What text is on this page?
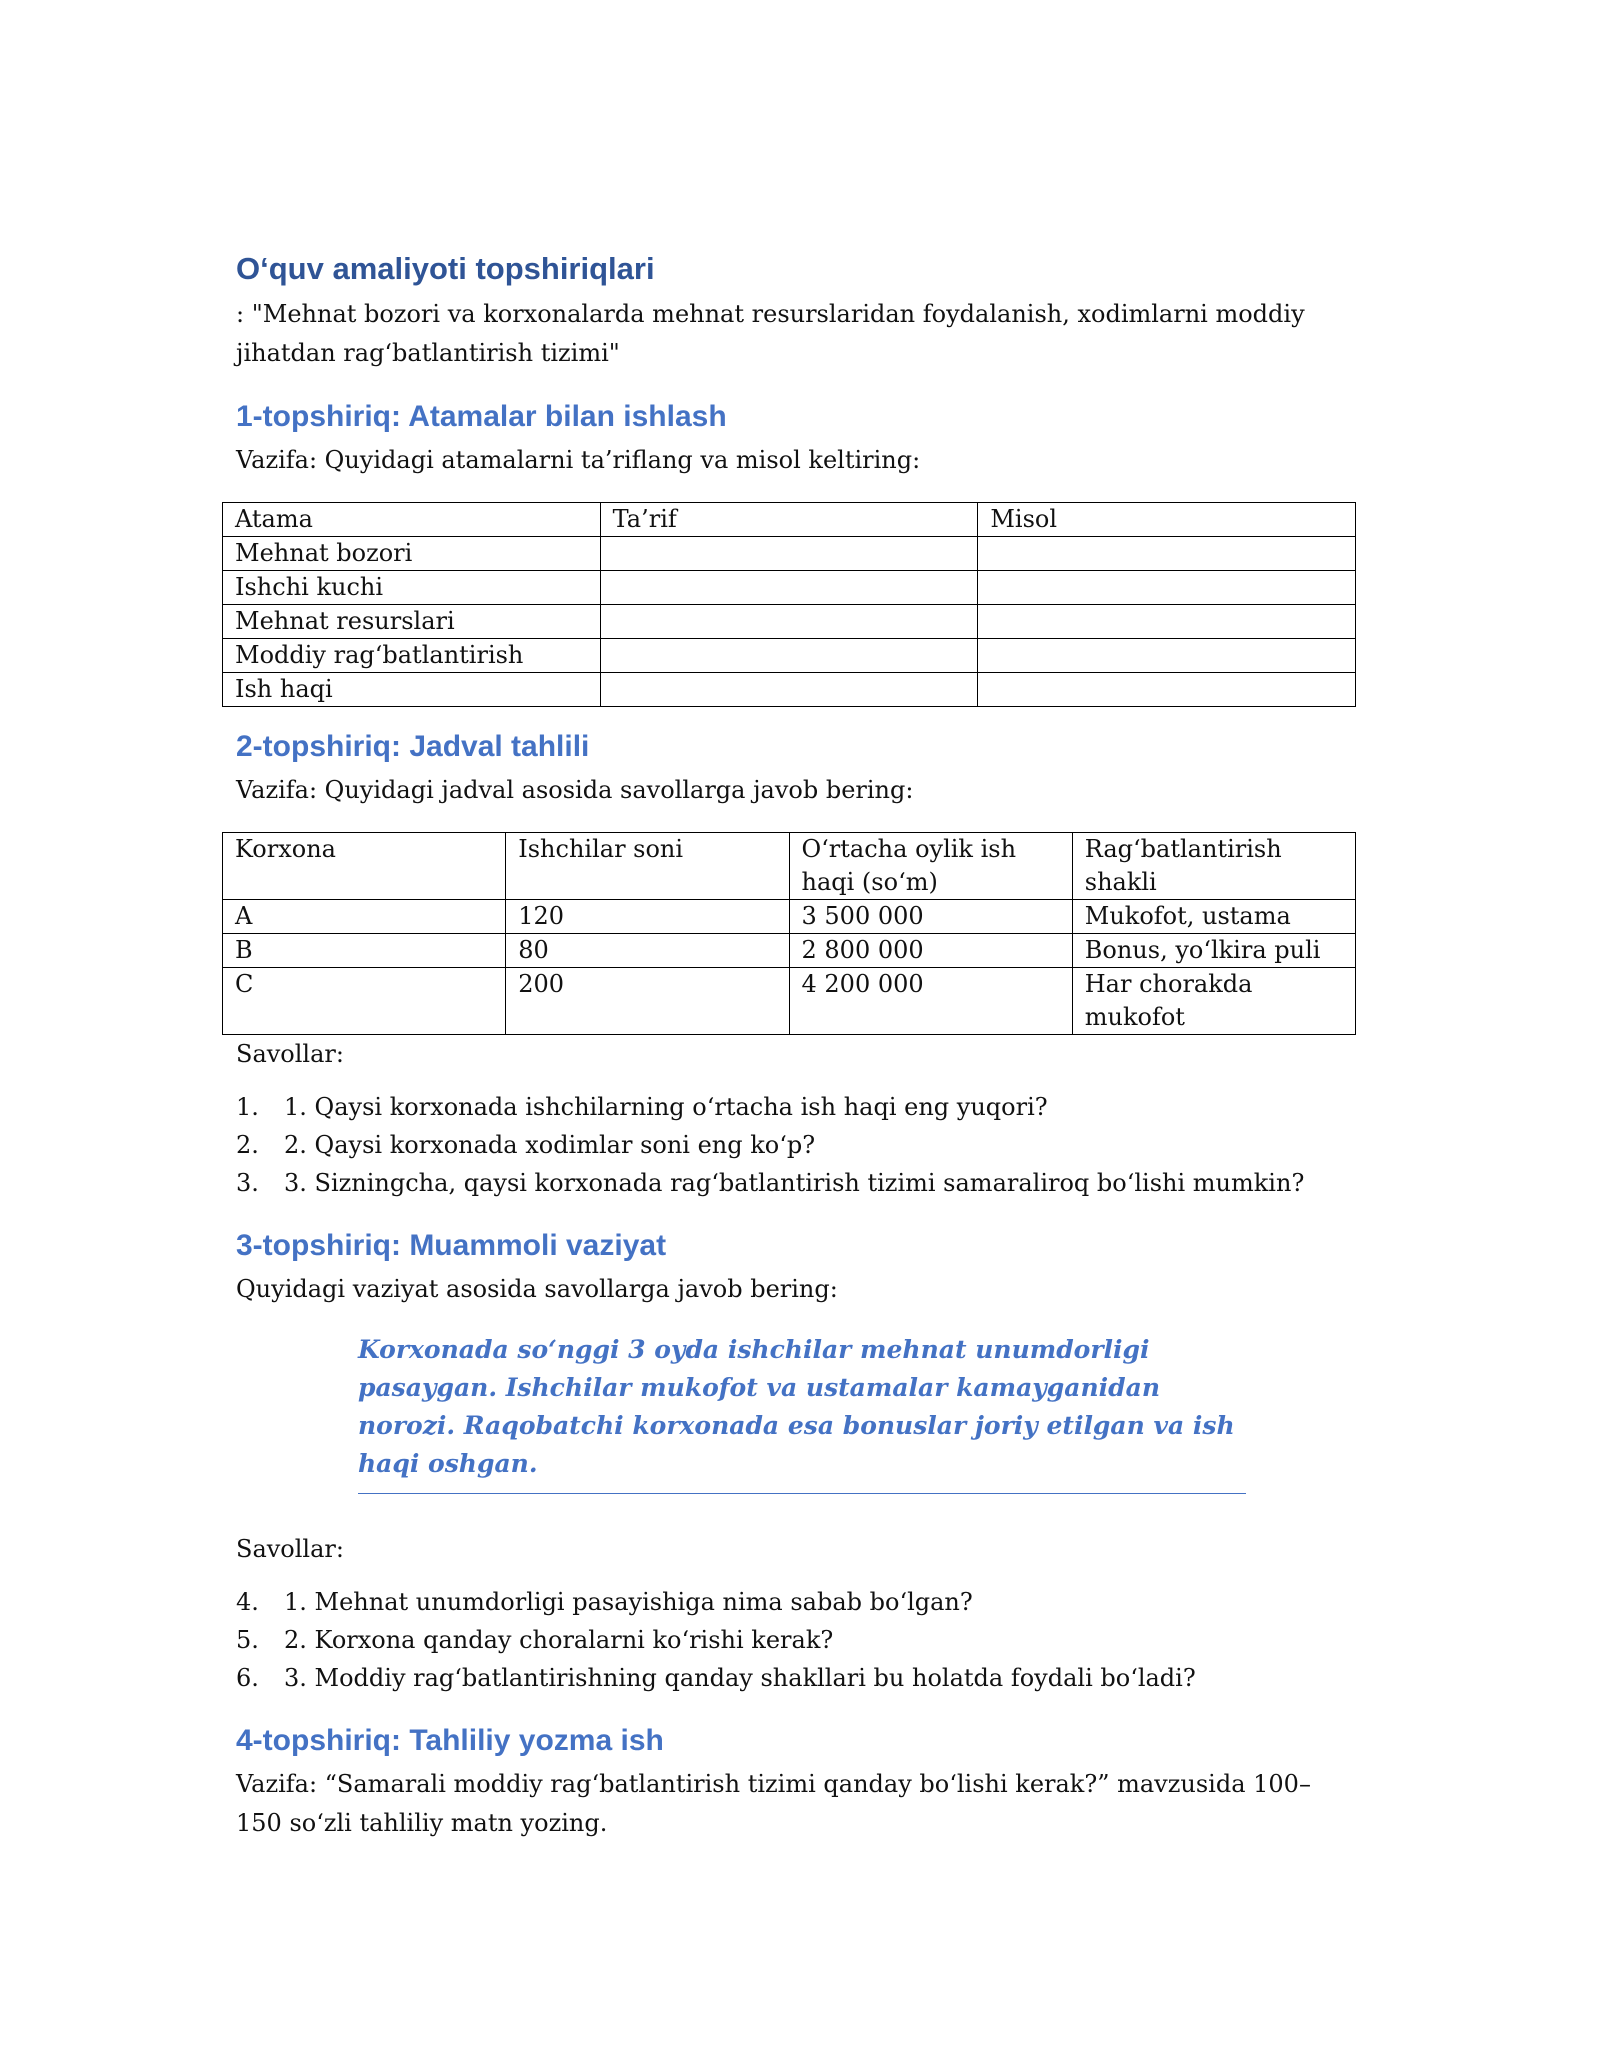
O‘quv amaliyoti topshiriqlari

: "Mehnat bozori va korxonalarda mehnat resurslaridan foydalanish, xodimlarni moddiy jihatdan rag‘batlantirish tizimi"

1-topshiriq: Atamalar bilan ishlash

Vazifa: Quyidagi atamalarni ta’riflang va misol keltiring:

Atama	Ta’rif	Misol
Mehnat bozori		
Ishchi kuchi		
Mehnat resurslari		
Moddiy rag‘batlantirish		
Ish haqi		
2-topshiriq: Jadval tahlili

Vazifa: Quyidagi jadval asosida savollarga javob bering:

Korxona	Ishchilar soni	O‘rtacha oylik ish haqi (so‘m)	Rag‘batlantirish shakli
A	120	3 500 000	Mukofot, ustama
B	80	2 800 000	Bonus, yo‘lkira puli
C	200	4 200 000	Har chorakda mukofot

Savollar:

1.	1. Qaysi korxonada ishchilarning o‘rtacha ish haqi eng yuqori?
2.	2. Qaysi korxonada xodimlar soni eng ko‘p?
3.	3. Sizningcha, qaysi korxonada rag‘batlantirish tizimi samaraliroq bo‘lishi mumkin?
3-topshiriq: Muammoli vaziyat

Quyidagi vaziyat asosida savollarga javob bering:

Korxonada so‘nggi 3 oyda ishchilar mehnat unumdorligi pasaygan. Ishchilar mukofot va ustamalar kamayganidan norozi. Raqobatchi korxonada esa bonuslar joriy etilgan va ish haqi oshgan.

Savollar:

4.	1. Mehnat unumdorligi pasayishiga nima sabab bo‘lgan?
5.	2. Korxona qanday choralarni ko‘rishi kerak?
6.	3. Moddiy rag‘batlantirishning qanday shakllari bu holatda foydali bo‘ladi?
4-topshiriq: Tahliliy yozma ish

Vazifa: “Samarali moddiy rag‘batlantirish tizimi qanday bo‘lishi kerak?” mavzusida 100–150 so‘zli tahliliy matn yozing.
